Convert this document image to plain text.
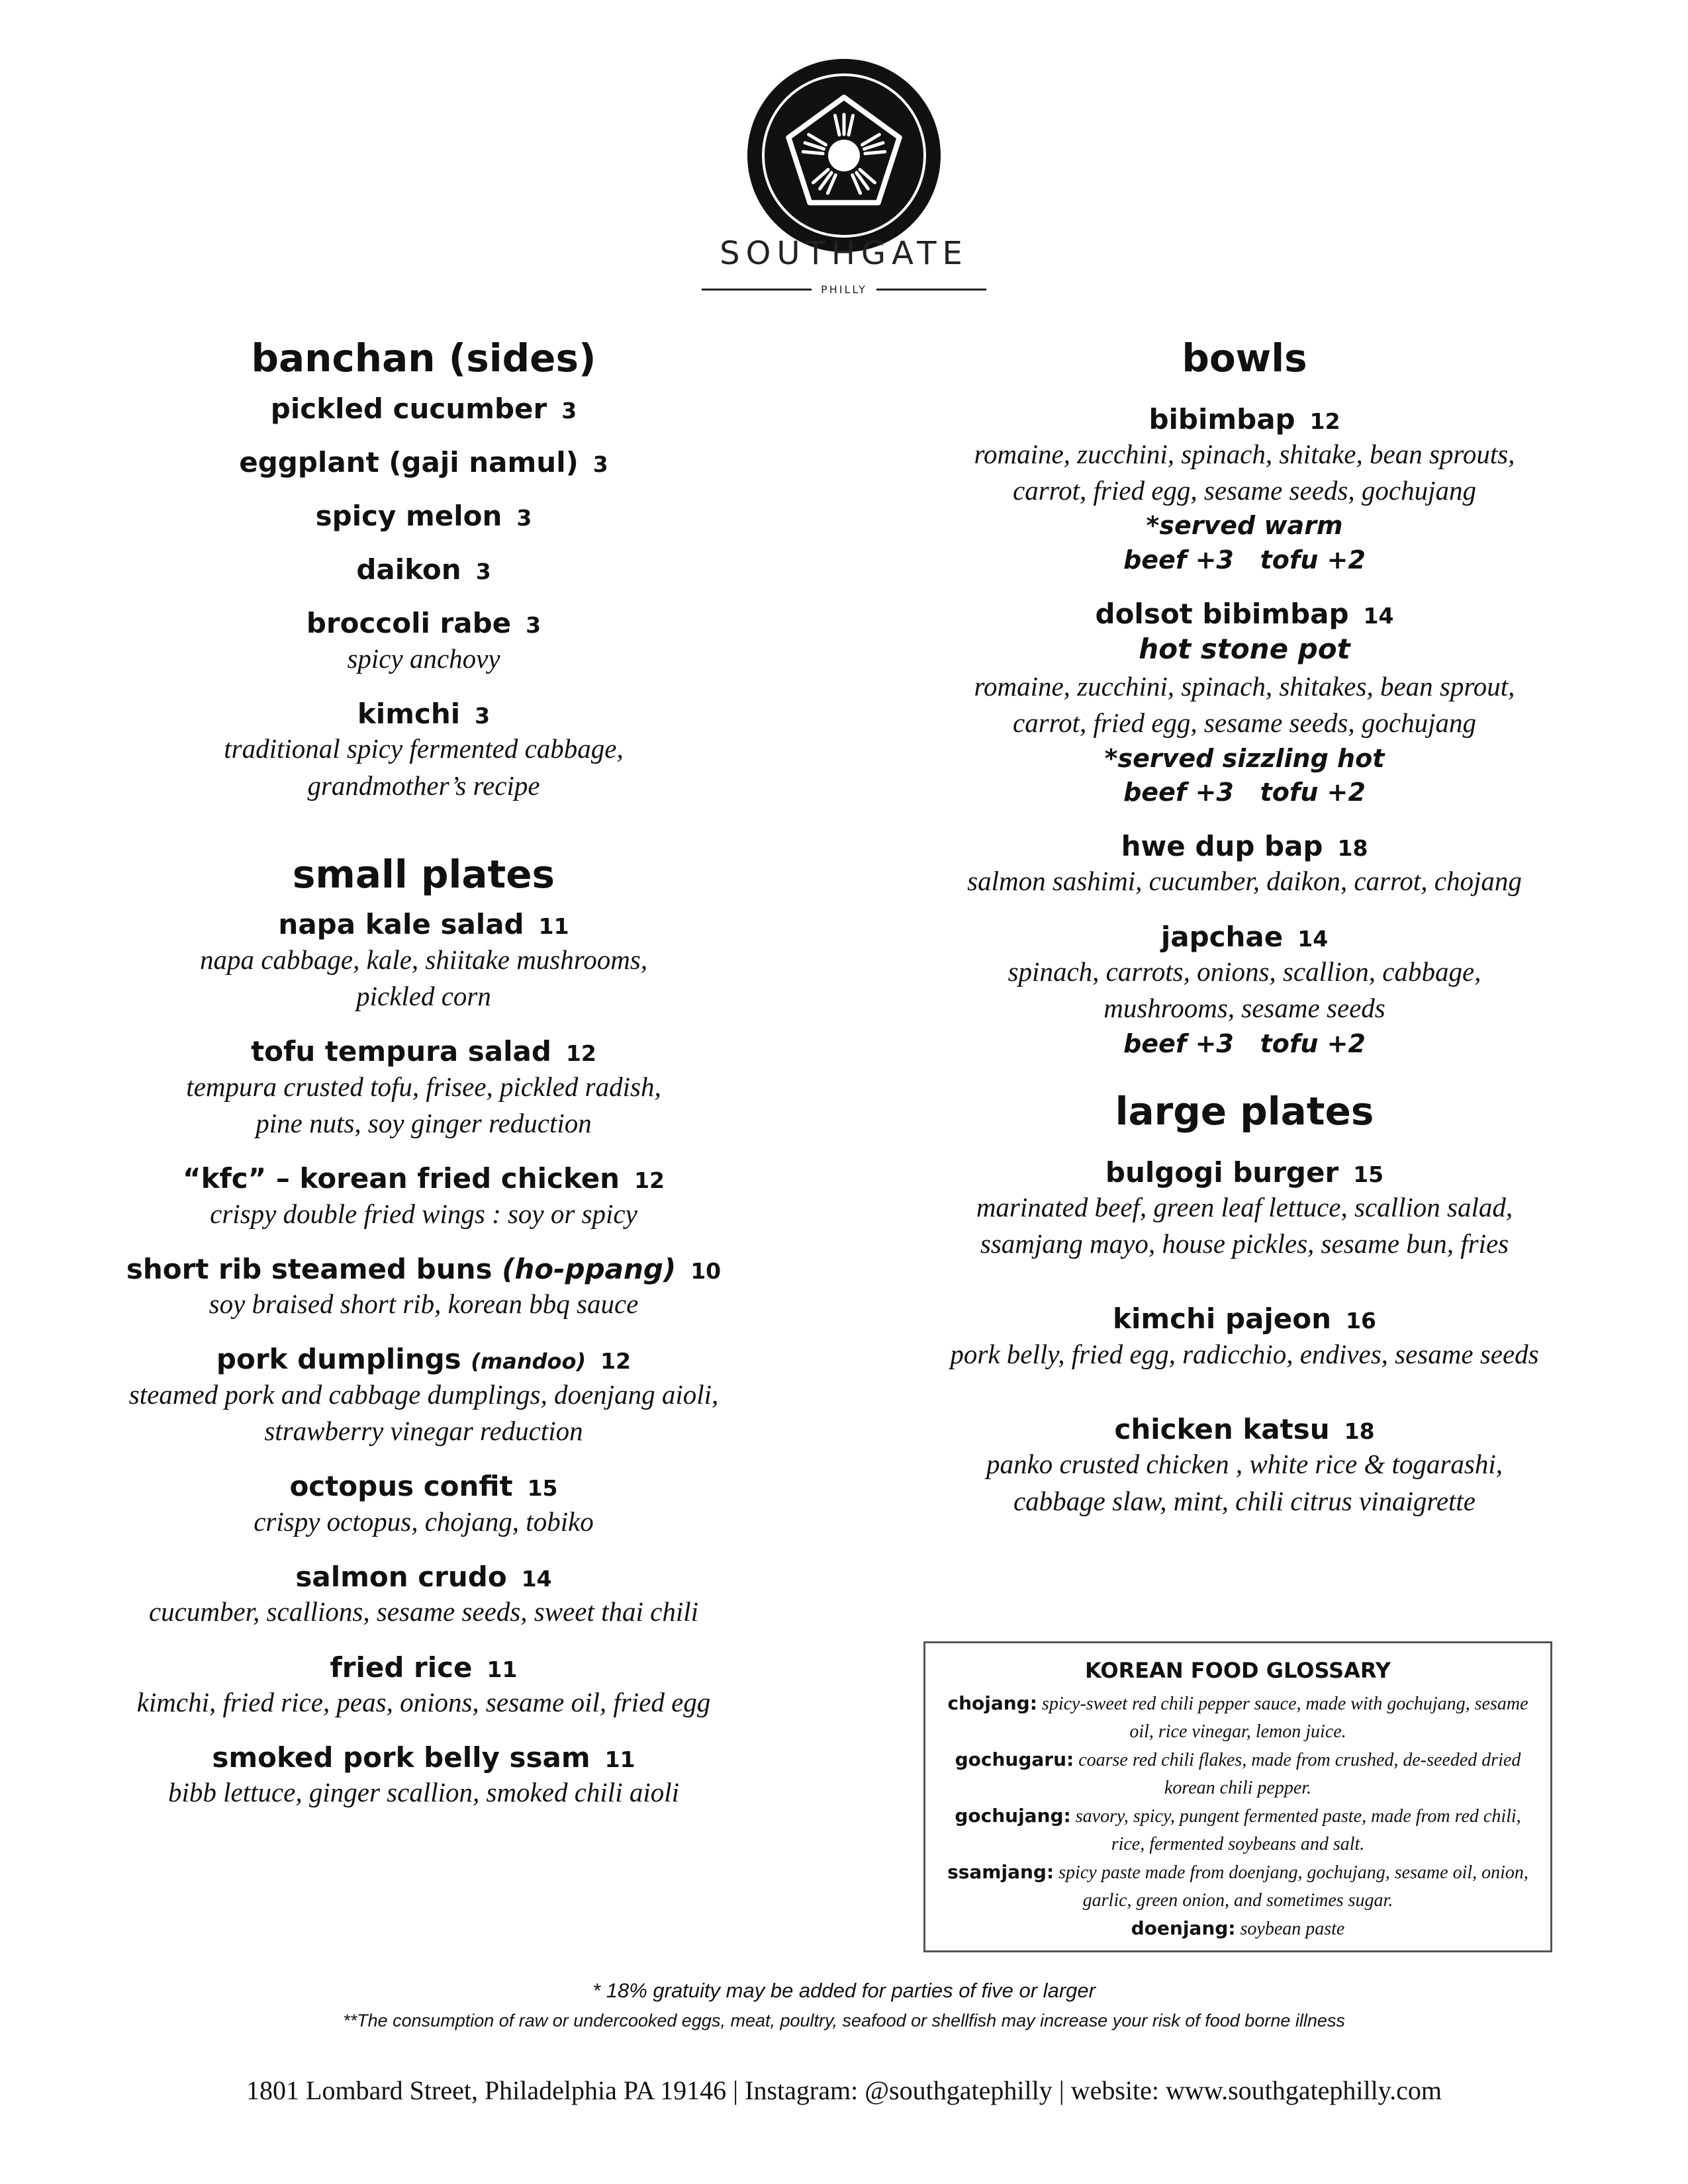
SOUTHGATE
PHILLY
banchan (sides)
pickled cucumber 3
eggplant (gaji namul) 3
spicy melon 3
daikon 3
broccoli rabe 3
spicy anchovy
kimchi 3
traditional spicy fermented cabbage,
grandmother’s recipe
small plates
napa kale salad 11
napa cabbage, kale, shiitake mushrooms,
pickled corn
tofu tempura salad 12
tempura crusted tofu, frisee, pickled radish,
pine nuts, soy ginger reduction
“kfc” – korean fried chicken 12
crispy double fried wings : soy or spicy
short rib steamed buns (ho-ppang) 10
soy braised short rib, korean bbq sauce
pork dumplings (mandoo) 12
steamed pork and cabbage dumplings, doenjang aioli,
strawberry vinegar reduction
octopus confit 15
crispy octopus, chojang, tobiko
salmon crudo 14
cucumber, scallions, sesame seeds, sweet thai chili
fried rice 11
kimchi, fried rice, peas, onions, sesame oil, fried egg
smoked pork belly ssam 11
bibb lettuce, ginger scallion, smoked chili aioli
bowls
bibimbap 12
romaine, zucchini, spinach, shitake, bean sprouts,
carrot, fried egg, sesame seeds, gochujang
*served warm
beef +3   tofu +2
dolsot bibimbap 14
hot stone pot
romaine, zucchini, spinach, shitakes, bean sprout,
carrot, fried egg, sesame seeds, gochujang
*served sizzling hot
beef +3   tofu +2
hwe dup bap 18
salmon sashimi, cucumber, daikon, carrot, chojang
japchae 14
spinach, carrots, onions, scallion, cabbage,
mushrooms, sesame seeds
beef +3   tofu +2
large plates
bulgogi burger 15
marinated beef, green leaf lettuce, scallion salad,
ssamjang mayo, house pickles, sesame bun, fries
kimchi pajeon 16
pork belly, fried egg, radicchio, endives, sesame seeds
chicken katsu 18
panko crusted chicken , white rice & togarashi,
cabbage slaw, mint, chili citrus vinaigrette
KOREAN FOOD GLOSSARY
chojang: spicy-sweet red chili pepper sauce, made with gochujang, sesame oil, rice vinegar, lemon juice.
gochugaru: coarse red chili flakes, made from crushed, de-seeded dried korean chili pepper.
gochujang: savory, spicy, pungent fermented paste, made from red chili, rice, fermented soybeans and salt.
ssamjang: spicy paste made from doenjang, gochujang, sesame oil, onion, garlic, green onion, and sometimes sugar.
doenjang: soybean paste
* 18% gratuity may be added for parties of five or larger
**The consumption of raw or undercooked eggs, meat, poultry, seafood or shellfish may increase your risk of food borne illness
1801 Lombard Street, Philadelphia PA 19146 | Instagram: @southgatephilly | website: www.southgatephilly.com
